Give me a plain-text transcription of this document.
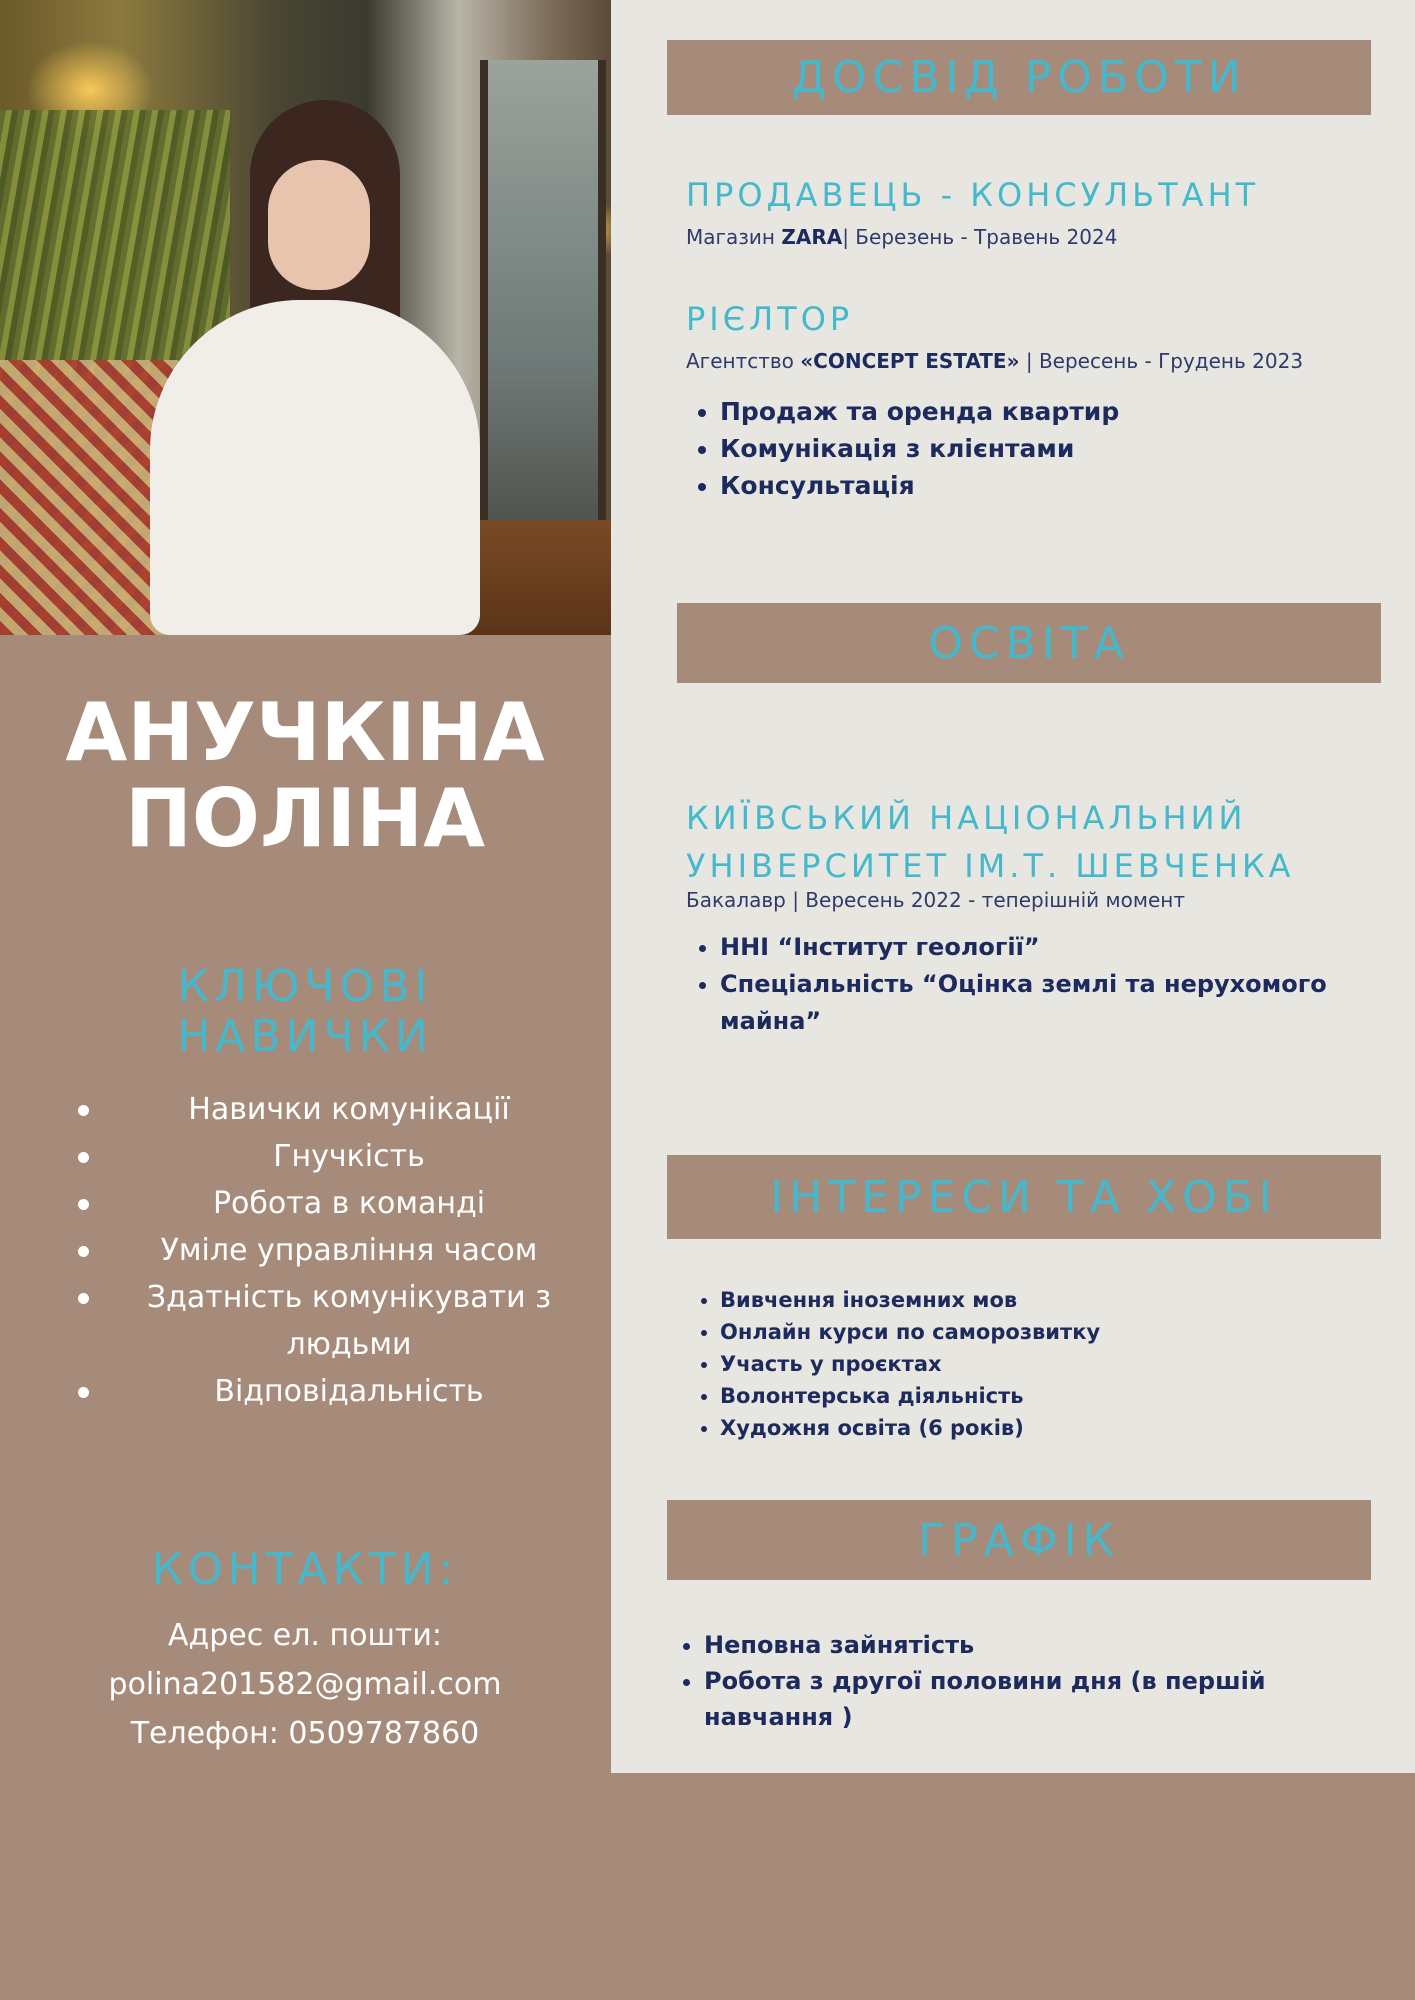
АНУЧКІНА
ПОЛІНА
КЛЮЧОВІ
НАВИЧКИ
Навички комунікації
Гнучкість
Робота в команді
Уміле управління часом
Здатність комунікувати з людьми
Відповідальність
КОНТАКТИ:
Адрес ел. пошти:
polina201582@gmail.com
Телефон: 0509787860
ДОСВІД РОБОТИ
ПРОДАВЕЦЬ - КОНСУЛЬТАНТ
Магазин ZARA| Березень - Травень 2024
РІЄЛТОР
Агентство «CONCEPT ESTATE» | Вересень - Грудень 2023
• Продаж та оренда квартир
• Комунікація з клієнтами
• Консультація
ОСВІТА
КИЇВСЬКИЙ НАЦІОНАЛЬНИЙ
УНІВЕРСИТЕТ ІМ.Т. ШЕВЧЕНКА
Бакалавр | Вересень 2022 - теперішній момент
• ННІ “Інститут геології”
• Спеціальність “Оцінка землі та нерухомого майна”
ІНТЕРЕСИ ТА ХОБІ
• Вивчення іноземних мов
• Онлайн курси по саморозвитку
• Участь у проєктах
• Волонтерська діяльність
• Художня освіта (6 років)
ГРАФІК
• Неповна зайнятість
• Робота з другої половини дня (в першій навчання )
